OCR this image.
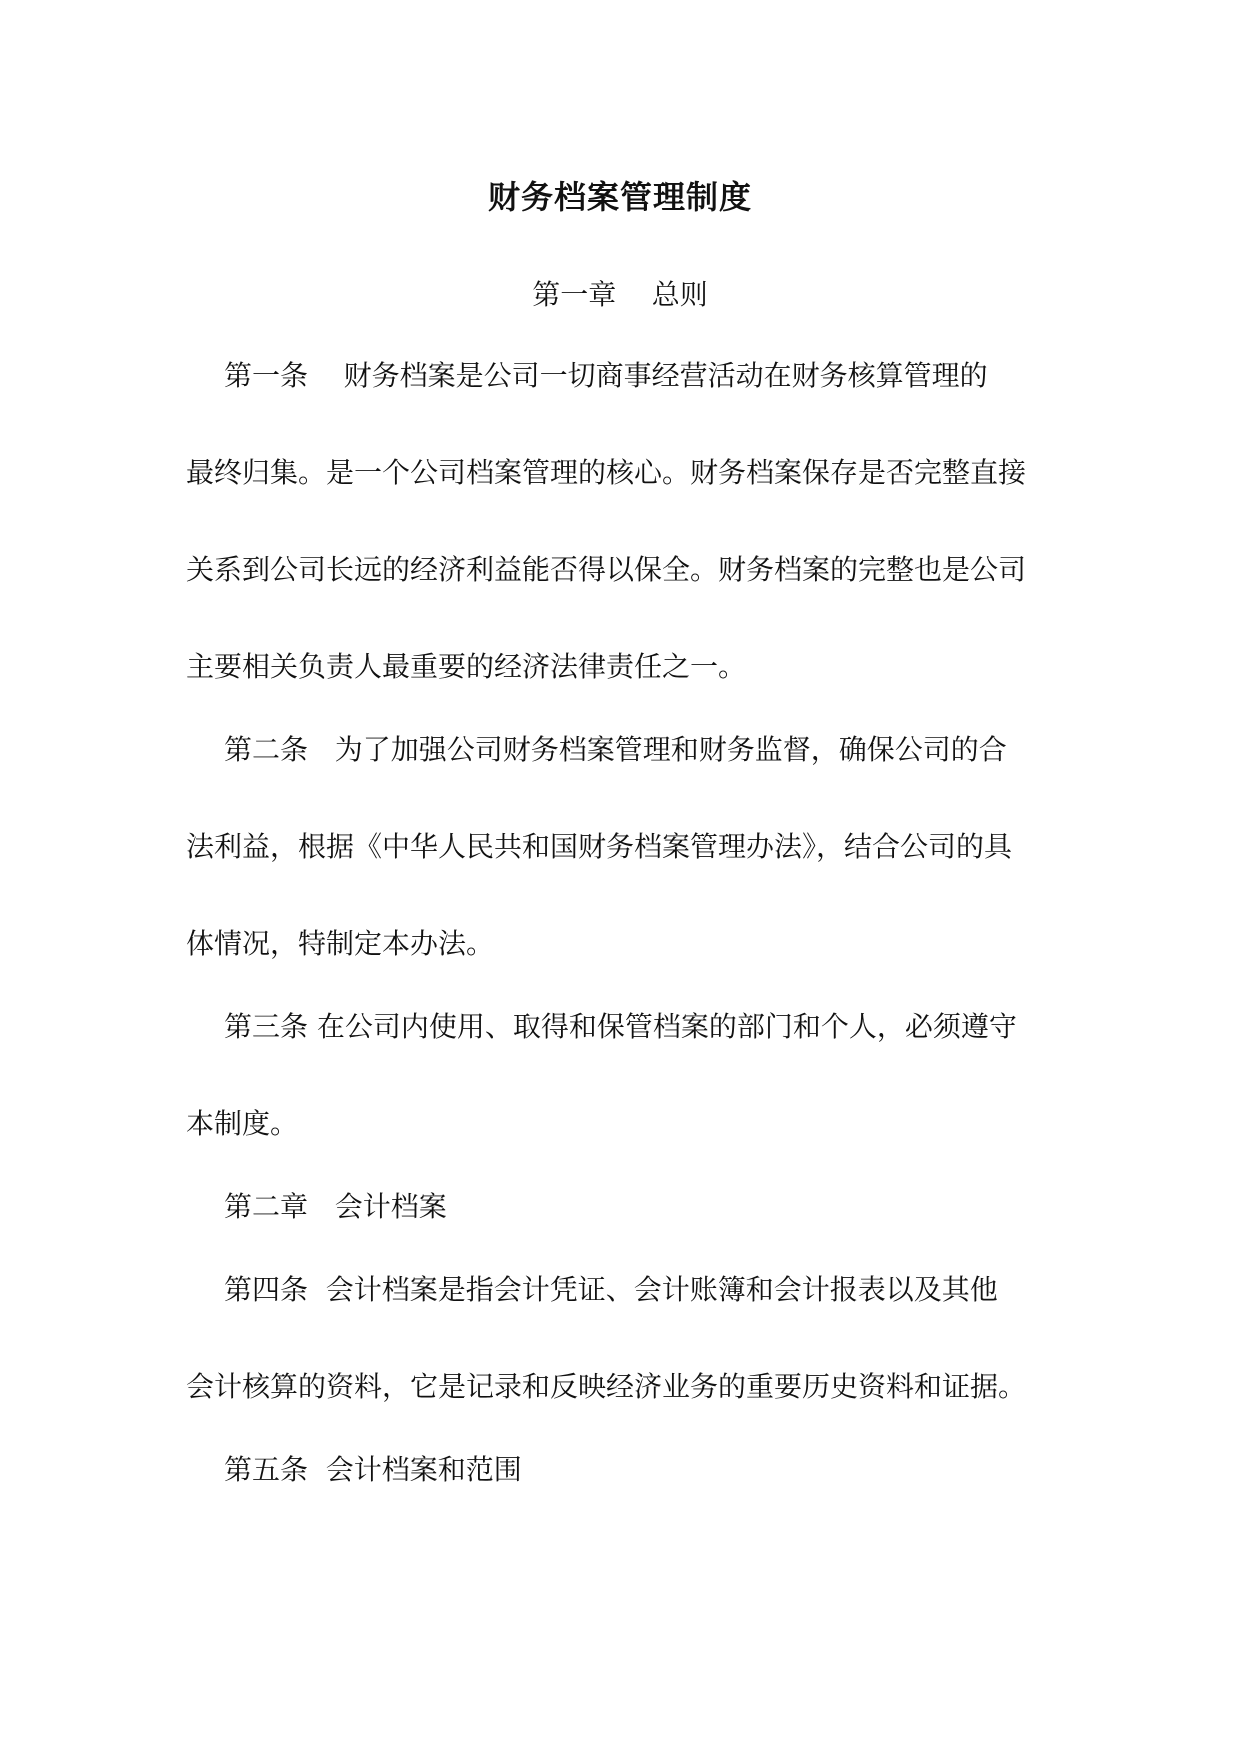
财务档案管理制度
第一章    总则
第一条    财务档案是公司一切商事经营活动在财务核算管理的
最终归集。是一个公司档案管理的核心。财务档案保存是否完整直接
关系到公司长远的经济利益能否得以保全。财务档案的完整也是公司
主要相关负责人最重要的经济法律责任之一。
第二条   为了加强公司财务档案管理和财务监督，确保公司的合
法利益，根据《中华人民共和国财务档案管理办法》，结合公司的具
体情况，特制定本办法。
第三条 在公司内使用、取得和保管档案的部门和个人，必须遵守
本制度。
第二章   会计档案
第四条  会计档案是指会计凭证、会计账簿和会计报表以及其他
会计核算的资料，它是记录和反映经济业务的重要历史资料和证据。
第五条  会计档案和范围
